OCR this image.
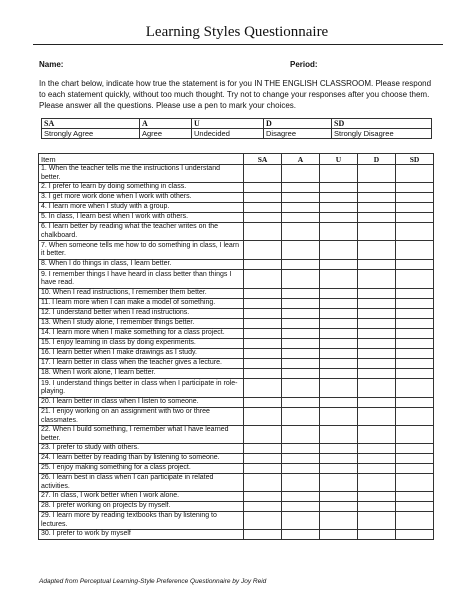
Learning Styles Questionnaire
Name:	Period:
In the chart below, indicate how true the statement is for you IN THE ENGLISH CLASSROOM. Please respond to each statement quickly, without too much thought. Try not to change your responses after you choose them. Please answer all the questions. Please use a pen to mark your choices.
SA	A	U	D	SD
Strongly Agree	Agree	Undecided	Disagree	Strongly Disagree
Item	SA	A	U	D	SD
1. When the teacher tells me the instructions I understand better.					
2. I prefer to learn by doing something in class.					
3. I get more work done when I work with others.					
4. I learn more when I study with a group.					
5. In class, I learn best when I work with others.					
6. I learn better by reading what the teacher writes on the chalkboard.					
7. When someone tells me how to do something in class, I learn it better.					
8. When I do things in class, I learn better.					
9. I remember things I have heard in class better than things I have read.					
10. When I read instructions, I remember them better.					
11. I learn more when I can make a model of something.					
12. I understand better when I read instructions.					
13. When I study alone, I remember things better.					
14. I learn more when I make something for a class project.					
15. I enjoy learning in class by doing experiments.					
16. I learn better when I make drawings as I study.					
17. I learn better in class when the teacher gives a lecture.					
18. When I work alone, I learn better.					
19. I understand things better in class when I participate in role-playing.					
20. I learn better in class when I listen to someone.					
21. I enjoy working on an assignment with two or three classmates.					
22. When I build something, I remember what I have learned better.					
23. I prefer to study with others.					
24. I learn better by reading than by listening to someone.					
25. I enjoy making something for a class project.					
26. I learn best in class when I can participate in related activities.					
27. In class, I work better when I work alone.					
28. I prefer working on projects by myself.					
29. I learn more by reading textbooks than by listening to lectures.					
30. I prefer to work by myself					
Adapted from Perceptual Learning-Style Preference Questionnaire by Joy Reid
